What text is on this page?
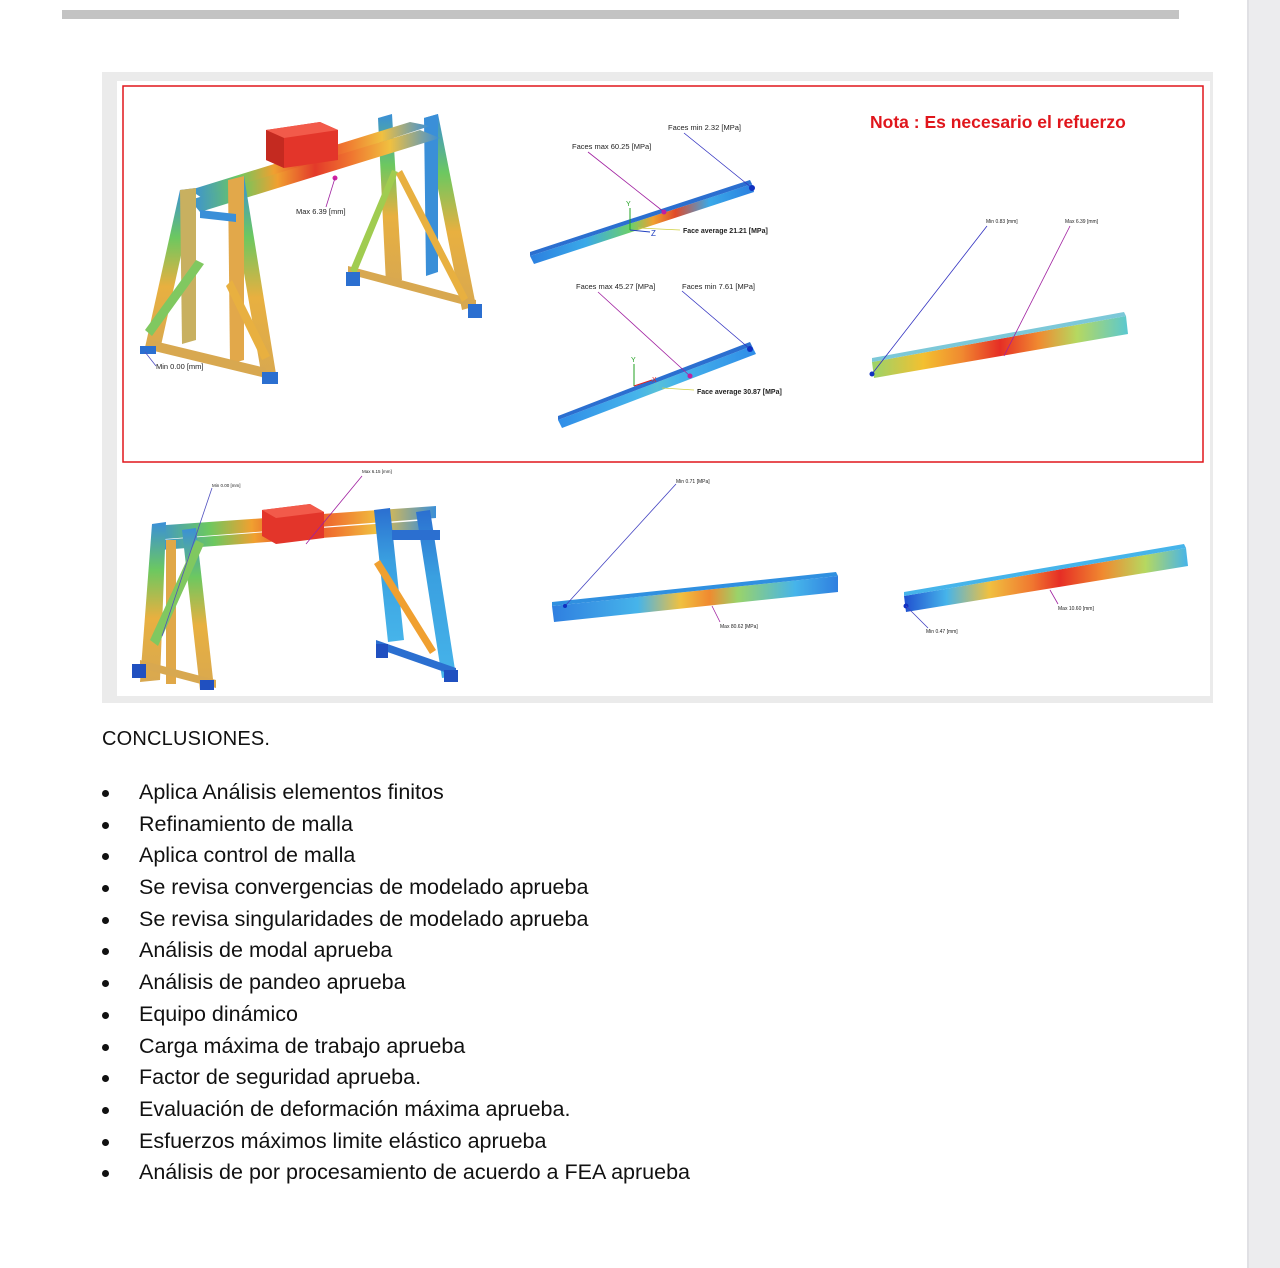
Max 6.39 [mm]
Min 0.00 [mm]
Faces min 2.32 [MPa]
Faces max 60.25 [MPa]
Face average 21.21 [MPa]
Y
Z
Faces max 45.27 [MPa]	Faces min 7.61 [MPa]
Face average 30.87 [MPa]
Y
X
Nota : Es necesario el refuerzo
Min 0.83 [mm]	Max 6.39 [mm]
Min 0.00 [mm]
Max 6.15 [mm]
Min 0.71 [MPa]
Max 80.62 [MPa]
Min 0.47 [mm]
Max 10.60 [mm]
CONCLUSIONES.
Aplica Análisis elementos finitos
Refinamiento de malla
Aplica control de malla
Se revisa convergencias de modelado aprueba
Se revisa singularidades de modelado aprueba
Análisis de modal aprueba
Análisis de pandeo aprueba
Equipo dinámico
Carga máxima de trabajo aprueba
Factor de seguridad aprueba.
Evaluación de deformación máxima aprueba.
Esfuerzos máximos limite elástico aprueba
Análisis de por procesamiento de acuerdo a FEA aprueba
